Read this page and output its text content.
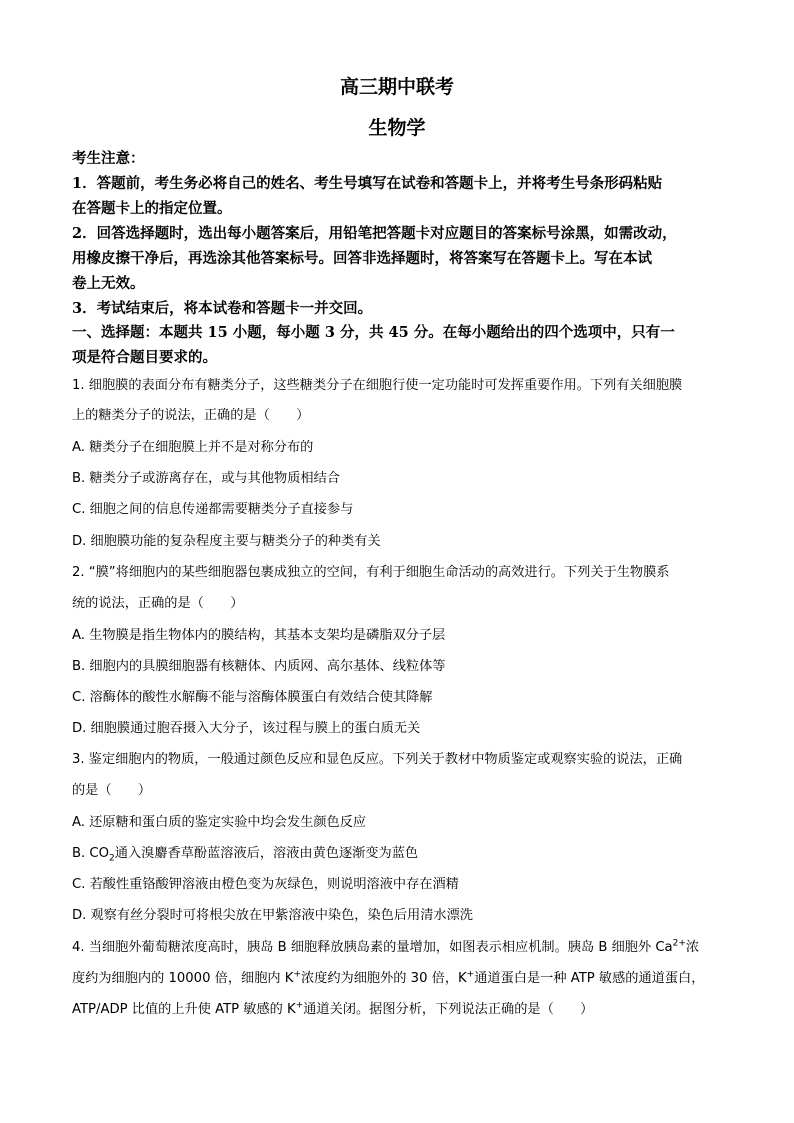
高三期中联考
生物学
考生注意：
1．答题前，考生务必将自己的姓名、考生号填写在试卷和答题卡上，并将考生号条形码粘贴
在答题卡上的指定位置。
2．回答选择题时，选出每小题答案后，用铅笔把答题卡对应题目的答案标号涂黑，如需改动，
用橡皮擦干净后，再选涂其他答案标号。回答非选择题时，将答案写在答题卡上。写在本试
卷上无效。
3．考试结束后，将本试卷和答题卡一并交回。
一、选择题：本题共 15 小题，每小题 3 分，共 45 分。在每小题给出的四个选项中，只有一
项是符合题目要求的。
1. 细胞膜的表面分布有糖类分子，这些糖类分子在细胞行使一定功能时可发挥重要作用。下列有关细胞膜
上的糖类分子的说法，正确的是（　　）
A. 糖类分子在细胞膜上并不是对称分布的
B. 糖类分子或游离存在，或与其他物质相结合
C. 细胞之间的信息传递都需要糖类分子直接参与
D. 细胞膜功能的复杂程度主要与糖类分子的种类有关
2. “膜”将细胞内的某些细胞器包裹成独立的空间，有利于细胞生命活动的高效进行。下列关于生物膜系
统的说法，正确的是（　　）
A. 生物膜是指生物体内的膜结构，其基本支架均是磷脂双分子层
B. 细胞内的具膜细胞器有核糖体、内质网、高尔基体、线粒体等
C. 溶酶体的酸性水解酶不能与溶酶体膜蛋白有效结合使其降解
D. 细胞膜通过胞吞摄入大分子，该过程与膜上的蛋白质无关
3. 鉴定细胞内的物质，一般通过颜色反应和显色反应。下列关于教材中物质鉴定或观察实验的说法，正确
的是（　　）
A. 还原糖和蛋白质的鉴定实验中均会发生颜色反应
B. $CO_2$通入溴麝香草酚蓝溶液后，溶液由黄色逐渐变为蓝色
C. 若酸性重铬酸钾溶液由橙色变为灰绿色，则说明溶液中存在酒精
D. 观察有丝分裂时可将根尖放在甲紫溶液中染色，染色后用清水漂洗
4. 当细胞外葡萄糖浓度高时，胰岛 B 细胞释放胰岛素的量增加，如图表示相应机制。胰岛 B 细胞外 $Ca^{2+}$浓
度约为细胞内的 10000 倍，细胞内 K+浓度约为细胞外的 30 倍，K+通道蛋白是一种 ATP 敏感的通道蛋白，
ATP/ADP 比值的上升使 ATP 敏感的 K+通道关闭。据图分析，下列说法正确的是（　　）
